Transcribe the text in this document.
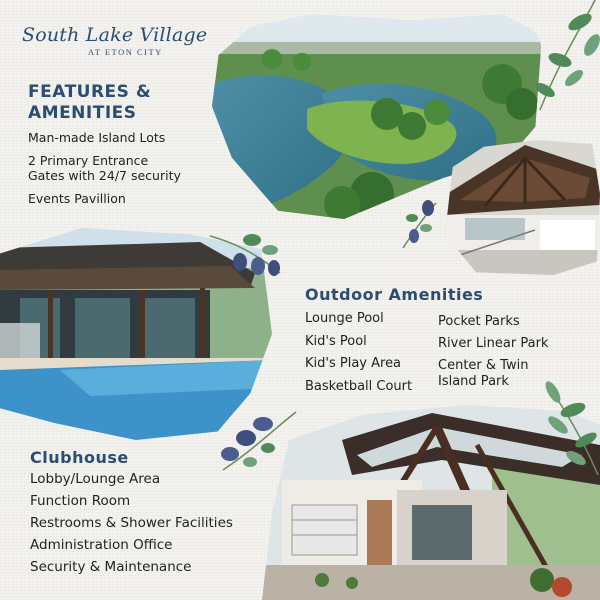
South Lake Village
AT ETON CITY
FEATURES &
AMENITIES
Man-made Island Lots
2 Primary Entrance
Gates with 24/7 security
Events Pavillion
Outdoor Amenities
Lounge Pool
Kid's Pool
Kid's Play Area
Basketball Court
Pocket Parks
River Linear Park
Center & Twin
Island Park
Clubhouse
Lobby/Lounge Area
Function Room
Restrooms & Shower Facilities
Administration Office
Security & Maintenance
